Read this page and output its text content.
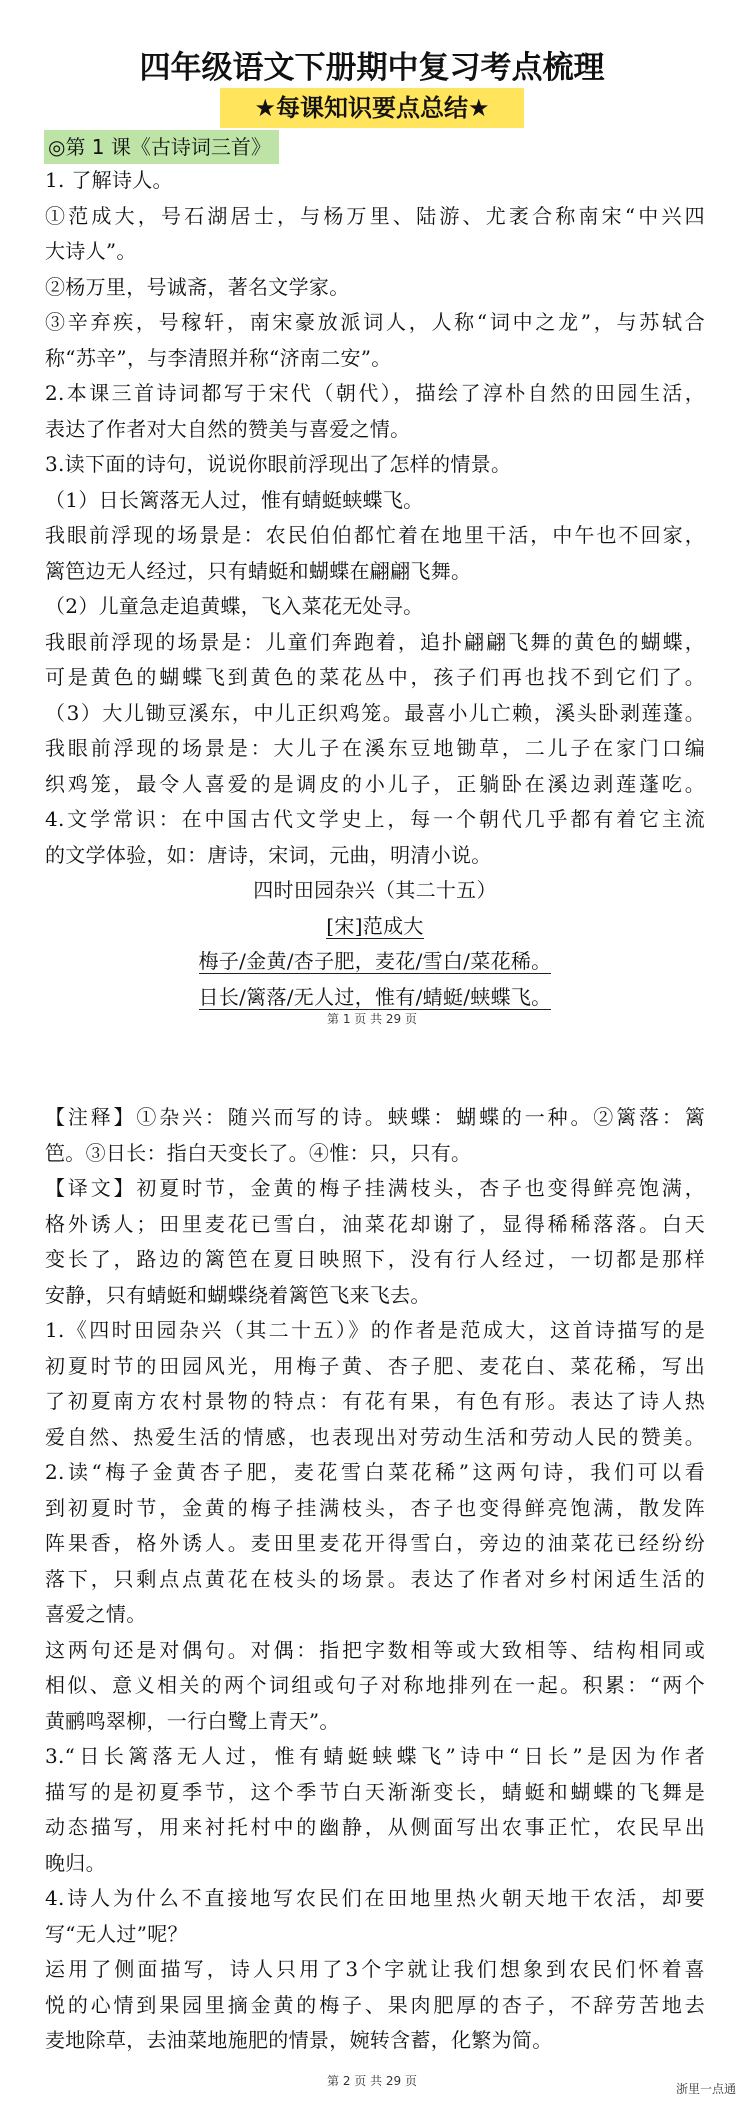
四年级语文下册期中复习考点梳理
★每课知识要点总结★
◎第 1 课《古诗词三首》
1. 了解诗人。
①范成大，号石湖居士，与杨万里、陆游、尤袤合称南宋“中兴四
大诗人”。
②杨万里，号诚斋，著名文学家。
③辛弃疾，号稼轩，南宋豪放派词人，人称“词中之龙”，与苏轼合
称“苏辛”，与李清照并称“济南二安”。
2.本课三首诗词都写于宋代（朝代），描绘了淳朴自然的田园生活，
表达了作者对大自然的赞美与喜爱之情。
3.读下面的诗句，说说你眼前浮现出了怎样的情景。
（1）日长篱落无人过，惟有蜻蜓蛱蝶飞。
我眼前浮现的场景是：农民伯伯都忙着在地里干活，中午也不回家，
篱笆边无人经过，只有蜻蜓和蝴蝶在翩翩飞舞。
（2）儿童急走追黄蝶，飞入菜花无处寻。
我眼前浮现的场景是：儿童们奔跑着，追扑翩翩飞舞的黄色的蝴蝶，
可是黄色的蝴蝶飞到黄色的菜花丛中，孩子们再也找不到它们了。
（3）大儿锄豆溪东，中儿正织鸡笼。最喜小儿亡赖，溪头卧剥莲蓬。
我眼前浮现的场景是：大儿子在溪东豆地锄草，二儿子在家门口编
织鸡笼，最令人喜爱的是调皮的小儿子，正躺卧在溪边剥莲蓬吃。
4.文学常识：在中国古代文学史上，每一个朝代几乎都有着它主流
的文学体验，如：唐诗，宋词，元曲，明清小说。
四时田园杂兴（其二十五）
[宋]范成大
梅子/金黄/杏子肥，麦花/雪白/菜花稀。
日长/篱落/无人过，惟有/蜻蜓/蛱蝶飞。
第 1 页 共 29 页
【注释】①杂兴：随兴而写的诗。蛱蝶：蝴蝶的一种。②篱落：篱
笆。③日长：指白天变长了。④惟：只，只有。
【译文】初夏时节，金黄的梅子挂满枝头，杏子也变得鲜亮饱满，
格外诱人；田里麦花已雪白，油菜花却谢了，显得稀稀落落。白天
变长了，路边的篱笆在夏日映照下，没有行人经过，一切都是那样
安静，只有蜻蜓和蝴蝶绕着篱笆飞来飞去。
1.《四时田园杂兴（其二十五）》的作者是范成大，这首诗描写的是
初夏时节的田园风光，用梅子黄、杏子肥、麦花白、菜花稀，写出
了初夏南方农村景物的特点：有花有果，有色有形。表达了诗人热
爱自然、热爱生活的情感，也表现出对劳动生活和劳动人民的赞美。
2.读“梅子金黄杏子肥，麦花雪白菜花稀”这两句诗，我们可以看
到初夏时节，金黄的梅子挂满枝头，杏子也变得鲜亮饱满，散发阵
阵果香，格外诱人。麦田里麦花开得雪白，旁边的油菜花已经纷纷
落下，只剩点点黄花在枝头的场景。表达了作者对乡村闲适生活的
喜爱之情。
这两句还是对偶句。对偶：指把字数相等或大致相等、结构相同或
相似、意义相关的两个词组或句子对称地排列在一起。积累：“两个
黄鹂鸣翠柳，一行白鹭上青天”。
3.“日长篱落无人过，惟有蜻蜓蛱蝶飞”诗中“日长”是因为作者
描写的是初夏季节，这个季节白天渐渐变长，蜻蜓和蝴蝶的飞舞是
动态描写，用来衬托村中的幽静，从侧面写出农事正忙，农民早出
晚归。
4.诗人为什么不直接地写农民们在田地里热火朝天地干农活，却要
写“无人过”呢？
运用了侧面描写，诗人只用了3个字就让我们想象到农民们怀着喜
悦的心情到果园里摘金黄的梅子、果肉肥厚的杏子，不辞劳苦地去
麦地除草，去油菜地施肥的情景，婉转含蓄，化繁为简。
第 2 页 共 29 页
浙里一点通
